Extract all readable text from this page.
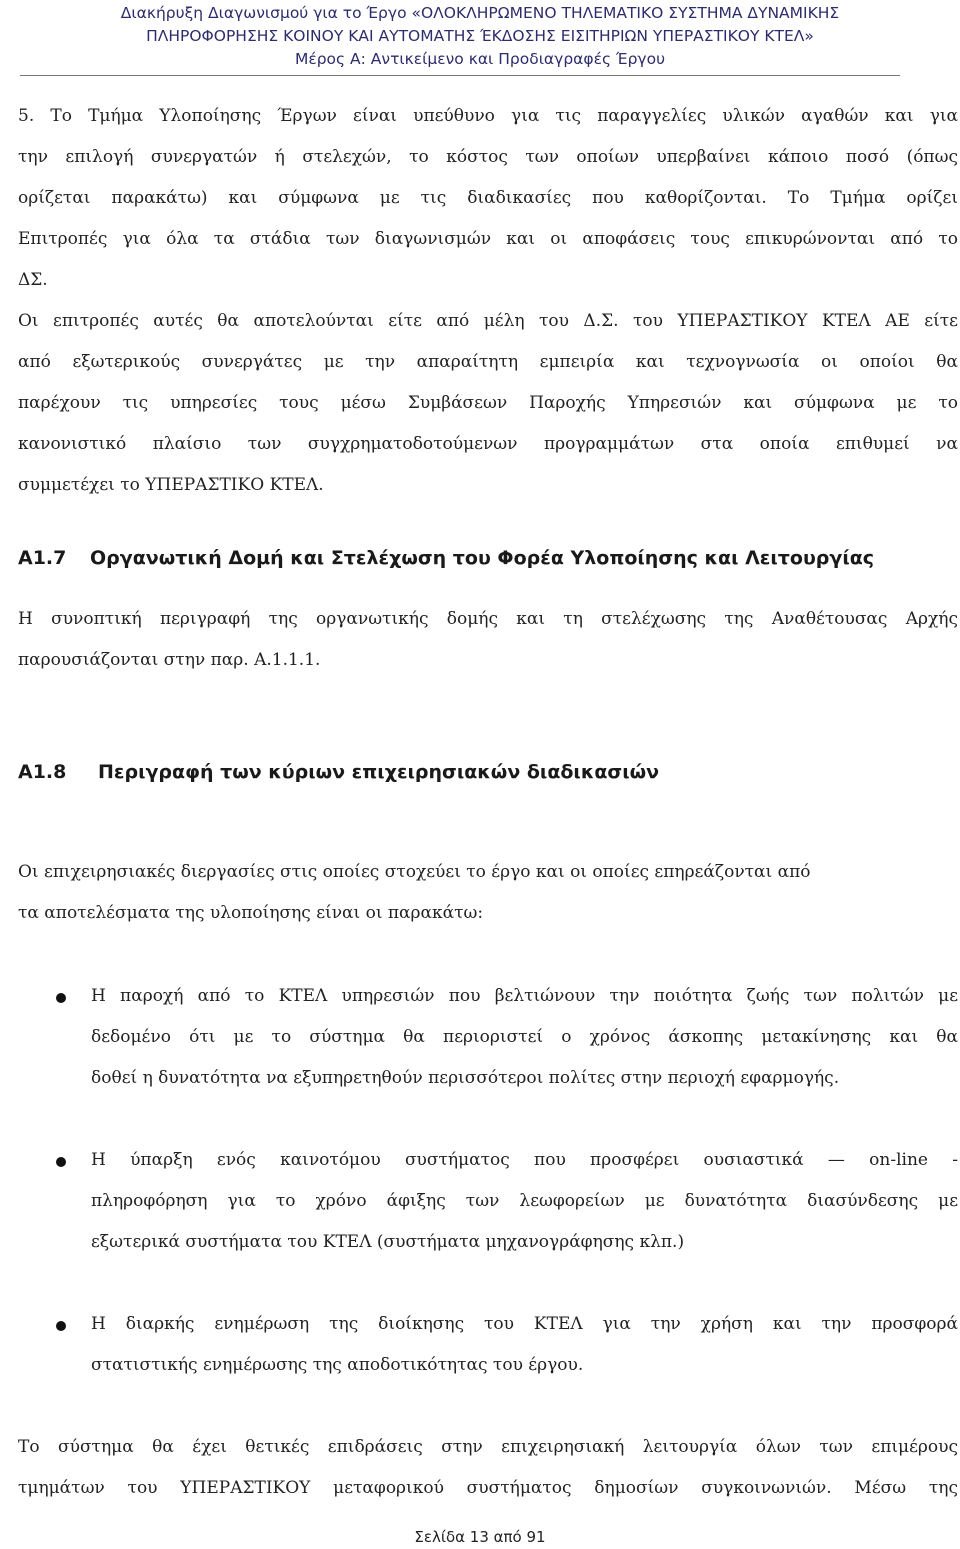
Διακήρυξη Διαγωνισμού για το Έργο «ΟΛΟΚΛΗΡΩΜΕΝΟ ΤΗΛΕΜΑΤΙΚΟ ΣΥΣΤΗΜΑ ΔΥΝΑΜΙΚΗΣ
ΠΛΗΡΟΦΟΡΗΣΗΣ ΚΟΙΝΟΥ ΚΑΙ ΑΥΤΟΜΑΤΗΣ ΈΚΔΟΣΗΣ ΕΙΣΙΤΗΡΙΩΝ ΥΠΕΡΑΣΤΙΚΟΥ ΚΤΕΛ»
Μέρος Α: Αντικείμενο και Προδιαγραφές Έργου
5. Το Τμήμα Υλοποίησης Έργων είναι υπεύθυνο για τις παραγγελίες υλικών αγαθών και για
την επιλογή συνεργατών ή στελεχών, το κόστος των οποίων υπερβαίνει κάποιο ποσό (όπως
ορίζεται παρακάτω) και σύμφωνα με τις διαδικασίες που καθορίζονται. Το Τμήμα ορίζει
Επιτροπές για όλα τα στάδια των διαγωνισμών και οι αποφάσεις τους επικυρώνονται από το
ΔΣ.
Οι επιτροπές αυτές θα αποτελούνται είτε από μέλη του Δ.Σ. του ΥΠΕΡΑΣΤΙΚΟΥ ΚΤΕΛ ΑΕ είτε
από εξωτερικούς συνεργάτες με την απαραίτητη εμπειρία και τεχνογνωσία οι οποίοι θα
παρέχουν τις υπηρεσίες τους μέσω Συμβάσεων Παροχής Υπηρεσιών και σύμφωνα με το
κανονιστικό πλαίσιο των συγχρηματοδοτούμενων προγραμμάτων στα οποία επιθυμεί να
συμμετέχει το ΥΠΕΡΑΣΤΙΚΟ ΚΤΕΛ.
Α1.7 Οργανωτική Δομή και Στελέχωση του Φορέα Υλοποίησης και Λειτουργίας
Η συνοπτική περιγραφή της οργανωτικής δομής και τη στελέχωσης της Αναθέτουσας Αρχής
παρουσιάζονται στην παρ. Α.1.1.1.
Α1.8 Περιγραφή των κύριων επιχειρησιακών διαδικασιών
Οι επιχειρησιακές διεργασίες στις οποίες στοχεύει το έργο και οι οποίες επηρεάζονται από
τα αποτελέσματα της υλοποίησης είναι οι παρακάτω:
Η παροχή από το ΚΤΕΛ υπηρεσιών που βελτιώνουν την ποιότητα ζωής των πολιτών με
δεδομένο ότι με το σύστημα θα περιοριστεί ο χρόνος άσκοπης μετακίνησης και θα
δοθεί η δυνατότητα να εξυπηρετηθούν περισσότεροι πολίτες στην περιοχή εφαρμογής.
Η ύπαρξη ενός καινοτόμου συστήματος που προσφέρει ουσιαστικά — on-line -
πληροφόρηση για το χρόνο άφιξης των λεωφορείων με δυνατότητα διασύνδεσης με
εξωτερικά συστήματα του ΚΤΕΛ (συστήματα μηχανογράφησης κλπ.)
Η διαρκής ενημέρωση της διοίκησης του ΚΤΕΛ για την χρήση και την προσφορά
στατιστικής ενημέρωσης της αποδοτικότητας του έργου.
Το σύστημα θα έχει θετικές επιδράσεις στην επιχειρησιακή λειτουργία όλων των επιμέρους
τμημάτων του ΥΠΕΡΑΣΤΙΚΟΥ μεταφορικού συστήματος δημοσίων συγκοινωνιών. Μέσω της
Σελίδα 13 από 91
